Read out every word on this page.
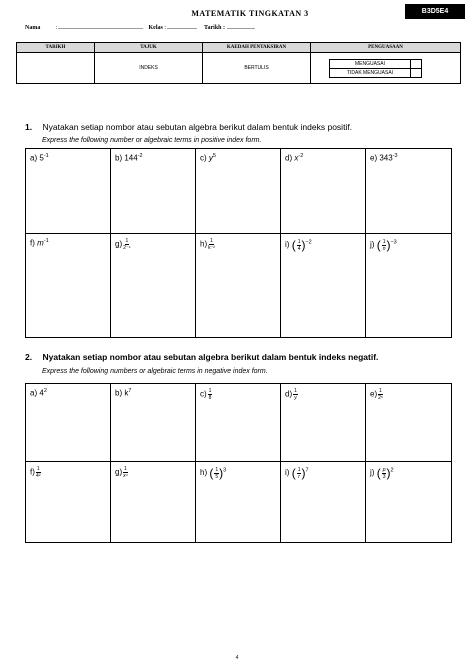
MATEMATIK TINGKATAN 3	B3D5E4
Nama	: ..................................................................................... Kelas : .............................. Tarikh : ............................
TARIKH	TAJUK	KAEDAH PENTAKSIRAN	PENGUASAAN
	INDEKS	BERTULIS	MENGUASAI
TIDAK MENGUASAI
1. Nyatakan setiap nombor atau sebutan algebra berikut dalam bentuk indeks positif.
Express the following number or algebraic terms in positive index form.
a) $5^{-1}$	b) $144^{-2}$	c) $y^5$	d) $x^{-2}$	e) $343^{-3}$
f) $m^{-1}$	$g) \frac{1}{\text{2⁻⁴}}$	$h) \frac{1}{\text{k⁻²}}$	i) ( $\frac{1}{4} )^{-2}$	j) ( $\frac{1}{n} )^{-3}$
2. Nyatakan setiap nombor atau sebutan algebra berikut dalam bentuk indeks negatif.
Express the following numbers or algebraic terms in negative index form.
a) $4^2$	b) $k^7$	$c) \frac{1}{8}$	$d) \frac{1}{y}$	$e) \frac{1}{\text{2⁵}}$
$f) \frac{1}{\text{4²}}$	$g) \frac{1}{\text{x⁴}}$	h) ( $\frac{1}{5} )^3$	i) ( $\frac{1}{r} )^7$	j) ( $\frac{p}{3} )^2$
4
